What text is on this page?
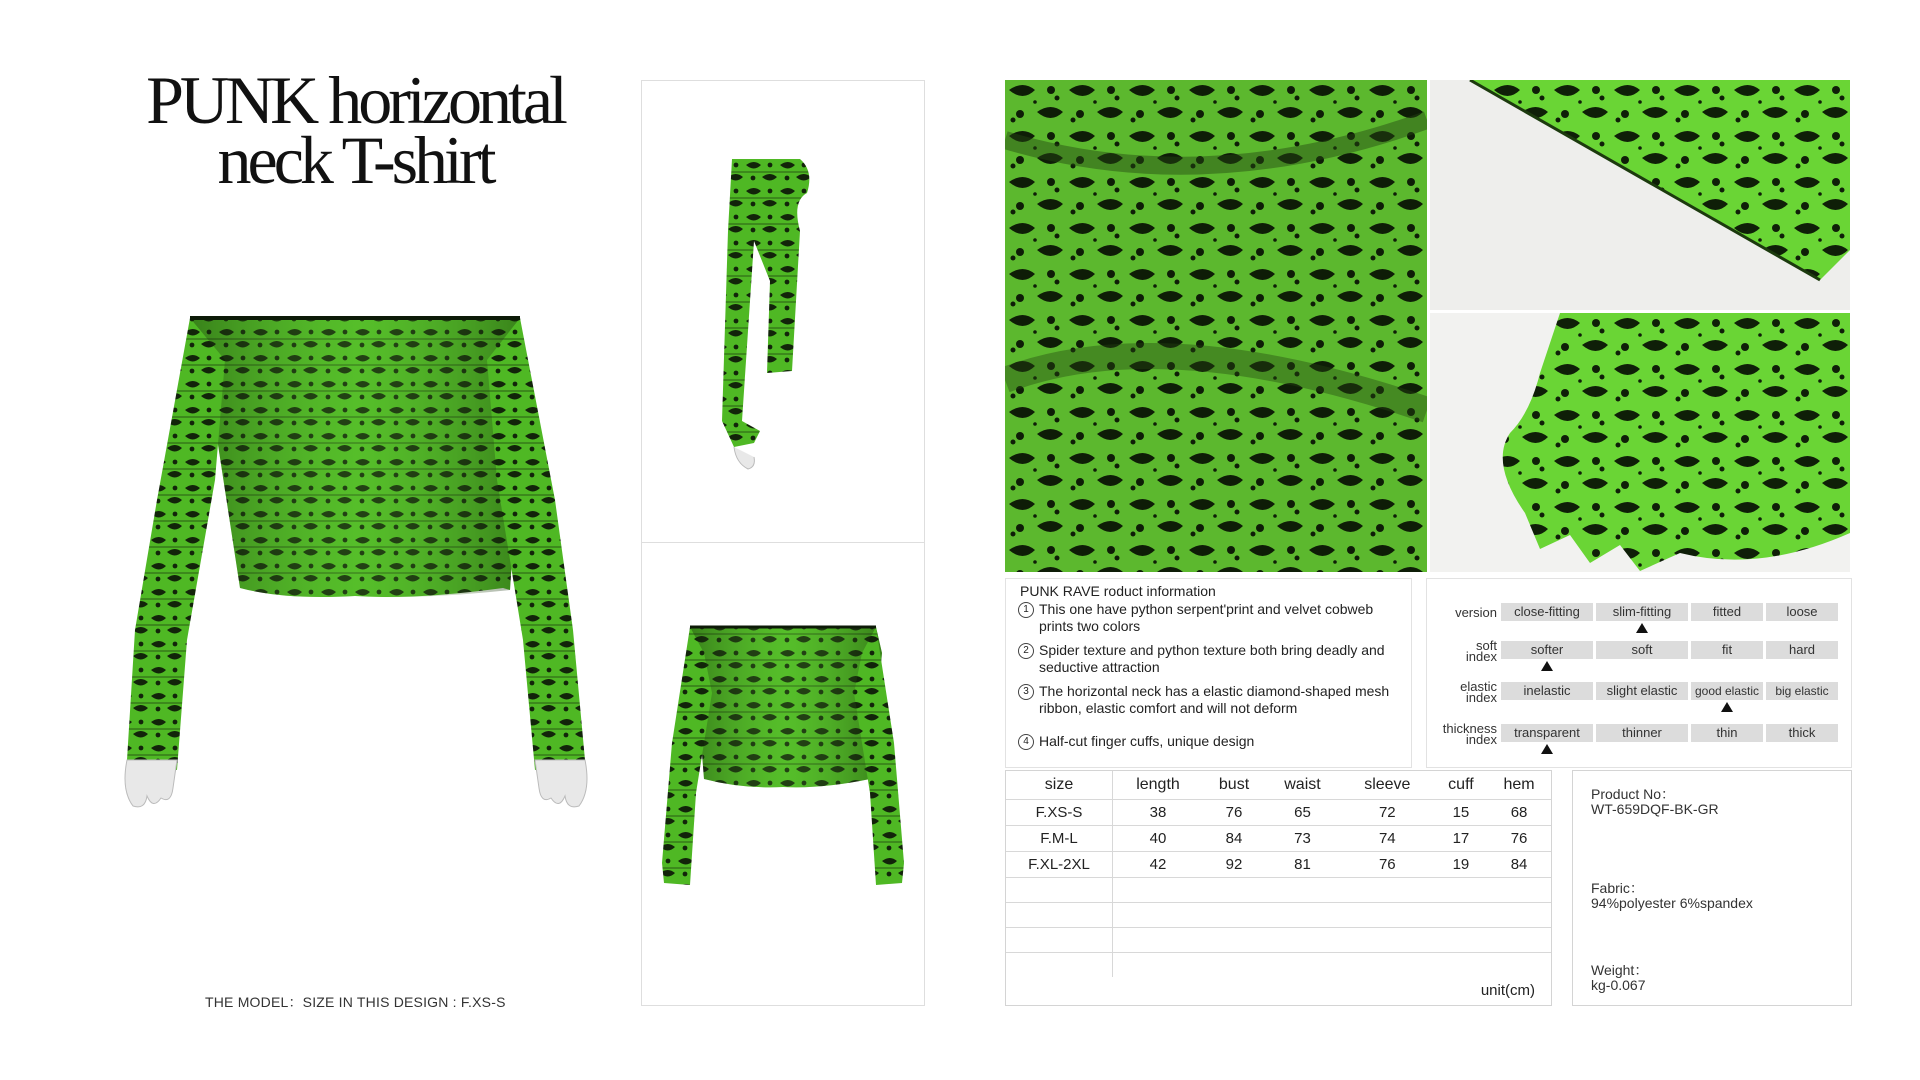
PUNK horizontal
neck T-shirt
THE MODEL：SIZE IN THIS DESIGN : F.XS-S
PUNK RAVE roduct information
1 This one have python serpent'print and velvet cobweb prints two colors
2 Spider texture and python texture both bring deadly and seductive attraction
3 The horizontal neck has a elastic diamond-shaped mesh ribbon, elastic comfort and will not deform
4 Half-cut finger cuffs, unique design
version	close-fitting	slim-fitting	fitted	loose
soft
index	softer	soft	fit	hard
elastic
index	inelastic	slight elastic	good elastic	big elastic
thickness
index	transparent	thinner	thin	thick
size	length	bust	waist	sleeve	cuff	hem
F.XS-S	38	76	65	72	15	68
F.M-L	40	84	73	74	17	76
F.XL-2XL	42	92	81	76	19	84

unit(cm)
Product No：
WT-659DQF-BK-GR
Fabric：
94%polyester 6%spandex
Weight：
kg-0.067
